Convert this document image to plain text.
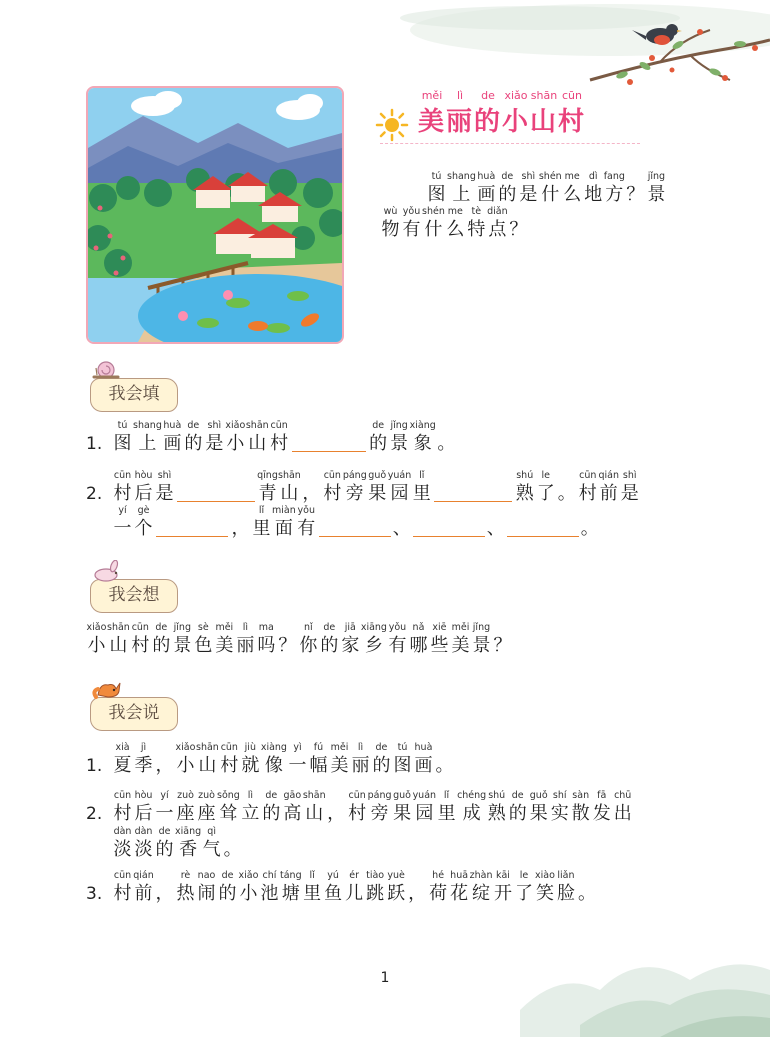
měi
美
lì
丽
de
的
xiǎo
小
shān
山
cūn
村
tú
图
shang
上
huà
画
de
的
shì
是
shén
什
me
么
dì
地
fang
方 ？
jǐng
景
wù
物
yǒu
有
shén
什
me
么
tè
特
diǎn
点 ？
我会填
1.
tú
图
shang
上
huà
画
de
的
shì
是
xiǎo
小
shān
山
cūn
村
de
的
jǐng
景
xiàng
象 。
2.
cūn
村
hòu
后
shì
是
qīng
青
shān
山 ，
cūn
村
páng
旁
guǒ
果
yuán
园
lǐ
里
shú
熟
le
了 。
cūn
村
qián
前
shì
是
yí
一
gè
个	，
lǐ
里
miàn
面
yǒu
有	、	、	。
我会想
xiǎo
小
shān
山
cūn
村
de
的
jǐng
景
sè
色
měi
美
lì
丽
ma
吗 ？
nǐ
你
de
的
jiā
家
xiāng
乡
yǒu
有
nǎ
哪
xiē
些
měi
美
jǐng
景 ？
我会说
1.
xià
夏
jì
季 ，
xiǎo
小
shān
山
cūn
村
jiù
就
xiàng
像
yì
一
fú
幅
měi
美
lì
丽
de
的
tú
图
huà
画 。
2.
cūn
村
hòu
后
yí
一
zuò
座
zuò
座
sǒng
耸
lì
立
de
的
gāo
高
shān
山 ，
cūn
村
páng
旁
guǒ
果
yuán
园
lǐ
里
chéng
成
shú
熟
de
的
guǒ
果
shí
实
sàn
散
fā
发
chū
出
dàn
淡
dàn
淡
de
的
xiāng
香
qì
气 。
3.
cūn
村
qián
前 ，
rè
热
nao
闹
de
的
xiǎo
小
chí
池
táng
塘
lǐ
里
yú
鱼
ér
儿
tiào
跳
yuè
跃 ，
hé
荷
huā
花
zhàn
绽
kāi
开
le
了
xiào
笑
liǎn
脸 。
1
